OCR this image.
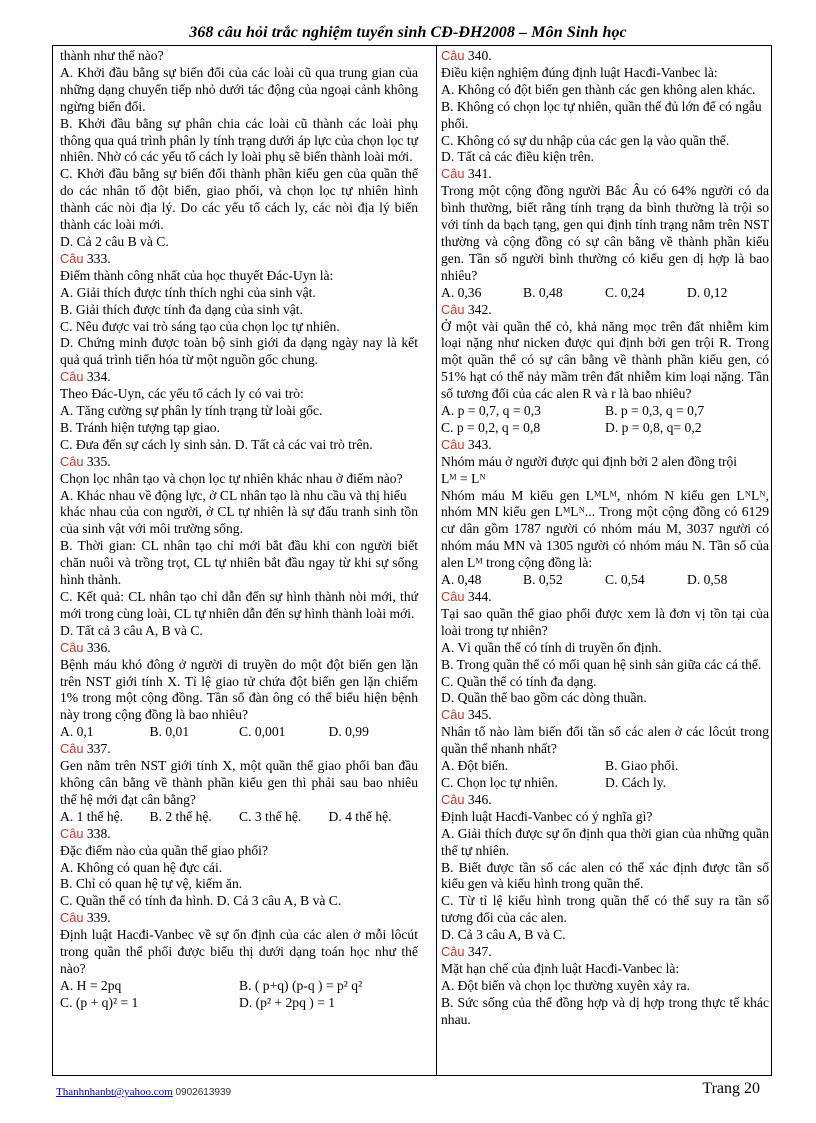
368 câu hỏi trắc nghiệm tuyển sinh CĐ-ĐH2008 – Môn Sinh học

thành như thế nào?

A. Khởi đầu bằng sự biến đổi của các loài cũ qua trung gian của những dạng chuyển tiếp nhỏ dưới tác động của ngoại cảnh không ngừng biến đổi.

B. Khởi đầu bằng sự phân chia các loài cũ thành các loài phụ thông qua quá trình phân ly tính trạng dưới áp lực của chọn lọc tự nhiên. Nhờ có các yếu tố cách ly loài phụ sẽ biến thành loài mới.

C. Khởi đầu bằng sự biến đổi thành phần kiểu gen của quần thể do các nhân tố đột biến, giao phối, và chọn lọc tự nhiên hình thành các nòi địa lý. Do các yếu tố cách ly, các nòi địa lý biến thành các loài mới.

D. Cả 2 câu B và C.

Câu 333.

Điểm thành công nhất của học thuyết Đác-Uyn là:

A. Giải thích được tính thích nghi của sinh vật.

B. Giải thích được tính đa dạng của sinh vật.

C. Nêu được vai trò sáng tạo của chọn lọc tự nhiên.

D. Chứng minh được toàn bộ sinh giới đa dạng ngày nay là kết quả quá trình tiến hóa từ một nguồn gốc chung.

Câu 334.

Theo Đác-Uyn, các yếu tố cách ly có vai trò:

A. Tăng cường sự phân ly tính trạng từ loài gốc.

B. Tránh hiện tượng tạp giao.

C. Đưa đến sự cách ly sinh sản. D. Tất cả các vai trò trên.

Câu 335.

Chọn lọc nhân tạo và chọn lọc tự nhiên khác nhau ở điểm nào?

A. Khác nhau về động lực, ở CL nhân tạo là nhu cầu và thị hiếu

khác nhau của con người, ở CL tự nhiên là sự đấu tranh sinh tồn của sinh vật với môi trường sống.

B. Thời gian: CL nhân tạo chỉ mới bắt đầu khi con người biết chăn nuôi và trồng trọt, CL tự nhiên bắt đầu ngay từ khi sự sống hình thành.

C. Kết quả: CL nhân tạo chỉ dẫn đến sự hình thành nòi mới, thứ mới trong cùng loài, CL tự nhiên dẫn đến sự hình thành loài mới.

D. Tất cả 3 câu A, B và C.

Câu 336.

Bệnh máu khó đông ở người di truyền do một đột biến gen lặn trên NST giới tính X. Tỉ lệ giao tử chứa đột biến gen lặn chiếm 1% trong một cộng đồng. Tần số đàn ông có thể biểu hiện bệnh này trong cộng đồng là bao nhiêu?

A. 0,1	B. 0,01	C. 0,001	D. 0,99

Câu 337.

Gen nằm trên NST giới tính X, một quần thể giao phối ban đầu không cân bằng về thành phần kiểu gen thì phải sau bao nhiêu thế hệ mới đạt cân bằng?

A. 1 thế hệ.	B. 2 thế hệ.	C. 3 thế hệ.	D. 4 thế hệ.

Câu 338.

Đặc điểm nào của quần thể giao phối?

A. Không có quan hệ đực cái.

B. Chỉ có quan hệ tự vệ, kiếm ăn.

C. Quần thể có tính đa hình. D. Cả 3 câu A, B và C.

Câu 339.

Định luật Hacđi-Vanbec về sự ổn định của các alen ở mỗi lôcút trong quần thể phối được biểu thị dưới dạng toán học như thế nào?

A. H = 2pq	B. ( p+q) (p-q ) = p² q²
C. (p + q)² = 1	D. (p² + 2pq ) = 1

Câu 340.

Điều kiện nghiệm đúng định luật Hacđi-Vanbec là:

A. Không có đột biến gen thành các gen không alen khác.

B. Không có chọn lọc tự nhiên, quần thể đủ lớn để có ngẫu phối.

C. Không có sự du nhập của các gen lạ vào quần thể.

D. Tất cả các điều kiện trên.

Câu 341.

Trong một cộng đồng người Bắc Âu có 64% người có da bình thường, biết rằng tính trạng da bình thường là trội so với tính da bạch tạng, gen qui định tính trạng nằm trên NST thường và cộng đồng có sự cân bằng về thành phần kiểu gen. Tần số người bình thường có kiểu gen dị hợp là bao nhiêu?

A. 0,36	B. 0,48	C. 0,24	D. 0,12

Câu 342.

Ở một vài quần thể cỏ, khả năng mọc trên đất nhiễm kim loại nặng như nicken được qui định bởi gen trội R. Trong một quần thể có sự cân bằng về thành phần kiểu gen, có 51% hạt có thể nảy mầm trên đất nhiễm kim loại nặng. Tần số tương đối của các alen R và r là bao nhiêu?

A. p = 0,7, q = 0,3	B. p = 0,3, q = 0,7
C. p = 0,2, q = 0,8	D. p = 0,8, q= 0,2

Câu 343.

Nhóm máu ở người được qui định bởi 2 alen đồng trội

Lᴹ = Lᴺ

Nhóm máu M kiểu gen LᴹLᴹ, nhóm N kiểu gen LᴺLᴺ, nhóm MN kiểu gen LᴹLᴺ... Trong một cộng đồng có 6129 cư dân gồm 1787 người có nhóm máu M, 3037 người có nhóm máu MN và 1305 người có nhóm máu N. Tần số của alen Lᴹ trong cộng đồng là:

A. 0,48	B. 0,52	C. 0,54	D. 0,58

Câu 344.

Tại sao quần thể giao phối được xem là đơn vị tồn tại của loài trong tự nhiên?

A. Vì quần thể có tính di truyền ổn định.

B. Trong quần thể có mối quan hệ sinh sản giữa các cá thể.

C. Quần thể có tính đa dạng.

D. Quần thể bao gồm các dòng thuần.

Câu 345.

Nhân tố nào làm biến đổi tần số các alen ở các lôcút trong quần thể nhanh nhất?

A. Đột biến.	B. Giao phối.
C. Chọn lọc tự nhiên.	D. Cách ly.

Câu 346.

Định luật Hacđi-Vanbec có ý nghĩa gì?

A. Giải thích được sự ổn định qua thời gian của những quần thể tự nhiên.

B. Biết được tần số các alen có thể xác định được tần số kiểu gen và kiểu hình trong quần thể.

C. Từ tỉ lệ kiểu hình trong quần thể có thể suy ra tần số tương đối của các alen.

D. Cả 3 câu A, B và C.

Câu 347.

Mặt hạn chế của định luật Hacđi-Vanbec là:

A. Đột biến và chọn lọc thường xuyên xảy ra.

B. Sức sống của thể đồng hợp và dị hợp trong thực tế khác nhau.

Thanhnhanbt@yahoo.com 0902613939	Trang 20
